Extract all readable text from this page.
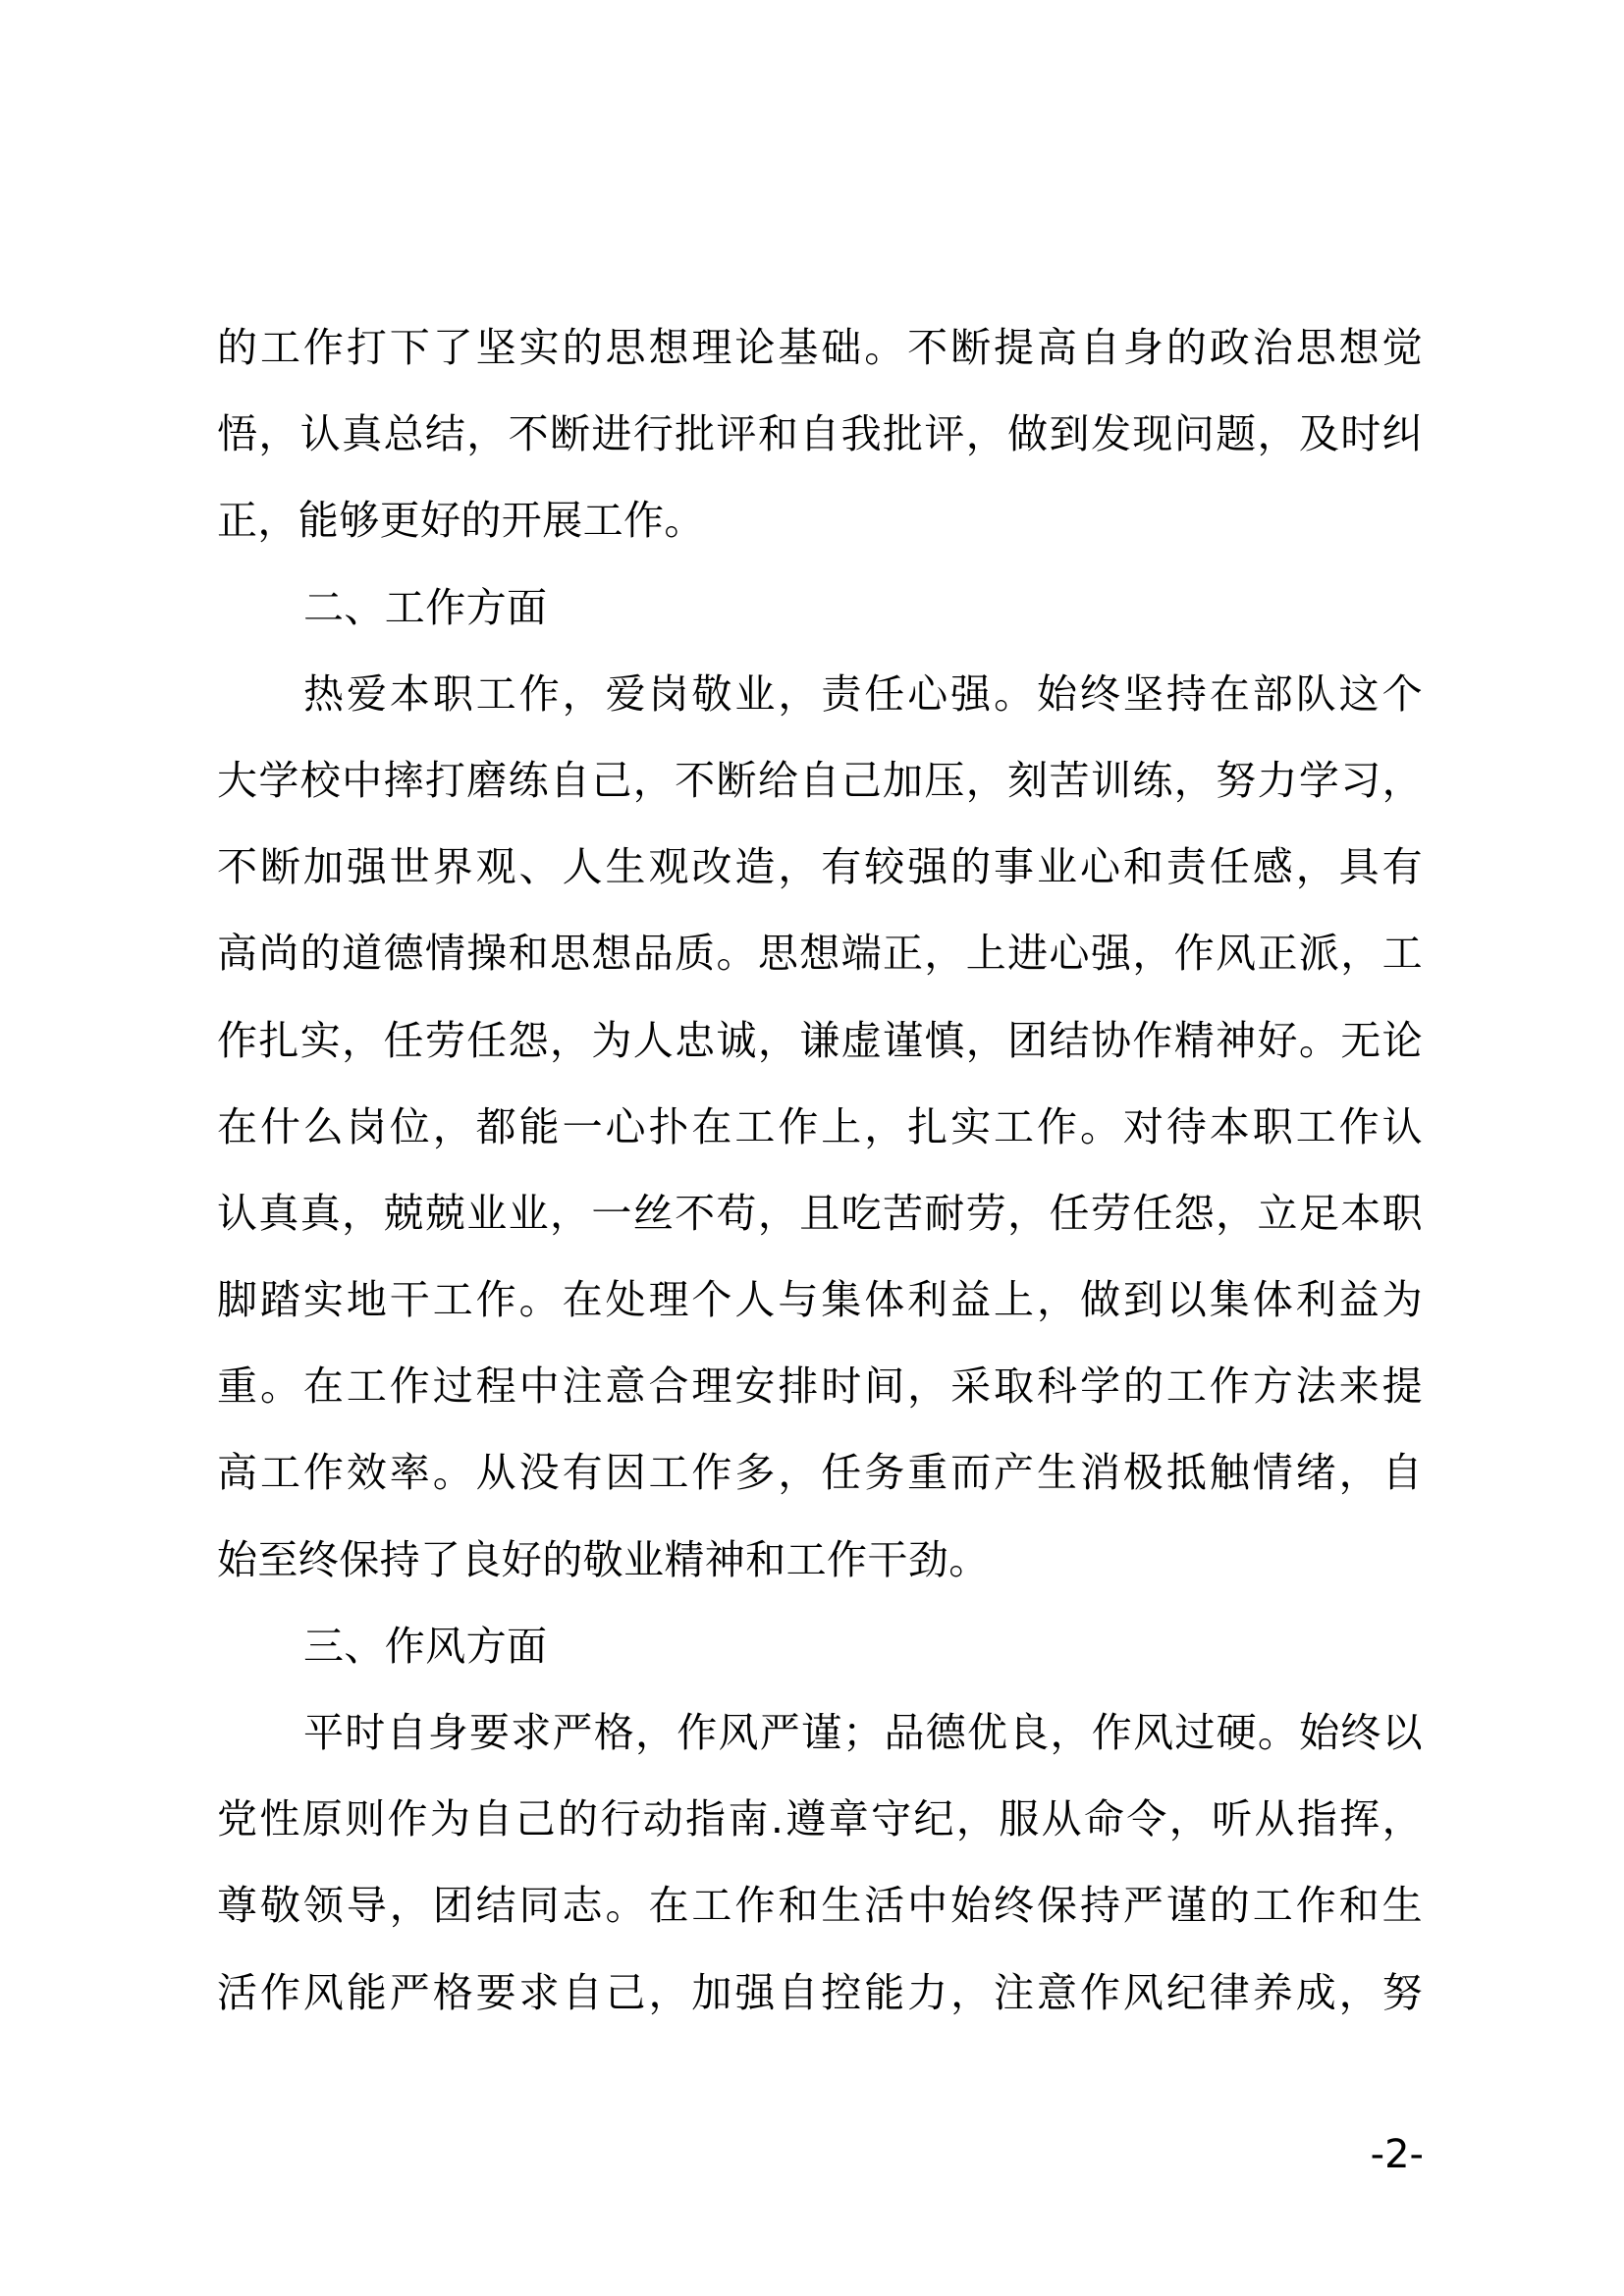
的工作打下了坚实的思想理论基础。不断提高自身的政治思想觉
悟，认真总结，不断进行批评和自我批评，做到发现问题，及时纠
正，能够更好的开展工作。
二、工作方面
热爱本职工作，爱岗敬业，责任心强。始终坚持在部队这个
大学校中摔打磨练自己，不断给自己加压，刻苦训练，努力学习，
不断加强世界观、人生观改造，有较强的事业心和责任感，具有
高尚的道德情操和思想品质。思想端正，上进心强，作风正派，工
作扎实，任劳任怨，为人忠诚，谦虚谨慎，团结协作精神好。无论
在什么岗位，都能一心扑在工作上，扎实工作。对待本职工作认
认真真，兢兢业业，一丝不苟，且吃苦耐劳，任劳任怨，立足本职
脚踏实地干工作。在处理个人与集体利益上，做到以集体利益为
重。在工作过程中注意合理安排时间，采取科学的工作方法来提
高工作效率。从没有因工作多，任务重而产生消极抵触情绪，自
始至终保持了良好的敬业精神和工作干劲。
三、作风方面
平时自身要求严格，作风严谨；品德优良，作风过硬。始终以
党性原则作为自己的行动指南.遵章守纪，服从命令，听从指挥，
尊敬领导，团结同志。在工作和生活中始终保持严谨的工作和生
活作风能严格要求自己，加强自控能力，注意作风纪律养成，努
-2-
